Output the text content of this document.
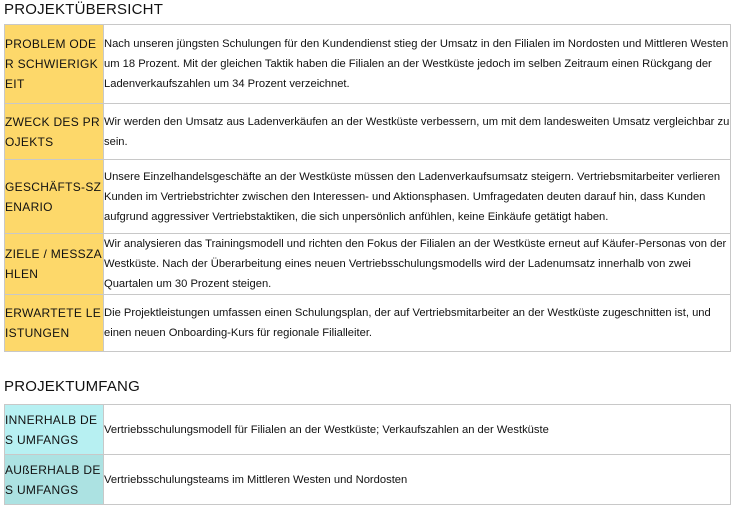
PROJEKTÜBERSICHT
PROBLEM ODER SCHWIERIGKEIT	Nach unseren jüngsten Schulungen für den Kundendienst stieg der Umsatz in den Filialen im Nordosten und Mittleren Westen um 18 Prozent. Mit der gleichen Taktik haben die Filialen an der Westküste jedoch im selben Zeitraum einen Rückgang der Ladenverkaufszahlen um 34 Prozent verzeichnet.

ZWECK DES PROJEKTS	Wir werden den Umsatz aus Ladenverkäufen an der Westküste verbessern, um mit dem landesweiten Umsatz vergleichbar zu sein.

GESCHÄFTS-SZENARIO	Unsere Einzelhandelsgeschäfte an der Westküste müssen den Ladenverkaufsumsatz steigern. Vertriebsmitarbeiter verlieren Kunden im Vertriebstrichter zwischen den Interessen- und Aktionsphasen. Umfragedaten deuten darauf hin, dass Kunden aufgrund aggressiver Vertriebstaktiken, die sich unpersönlich anfühlen, keine Einkäufe getätigt haben.

ZIELE / MESSZAHLEN	Wir analysieren das Trainingsmodell und richten den Fokus der Filialen an der Westküste erneut auf Käufer-Personas von der Westküste. Nach der Überarbeitung eines neuen Vertriebsschulungsmodells wird der Ladenumsatz innerhalb von zwei Quartalen um 30 Prozent steigen.

ERWARTETE LEISTUNGEN	Die Projektleistungen umfassen einen Schulungsplan, der auf Vertriebsmitarbeiter an der Westküste zugeschnitten ist, und einen neuen Onboarding-Kurs für regionale Filialleiter.
PROJEKTUMFANG
INNERHALB DES UMFANGS	Vertriebsschulungsmodell für Filialen an der Westküste; Verkaufszahlen an der Westküste

AUßERHALB DES UMFANGS	Vertriebsschulungsteams im Mittleren Westen und Nordosten
